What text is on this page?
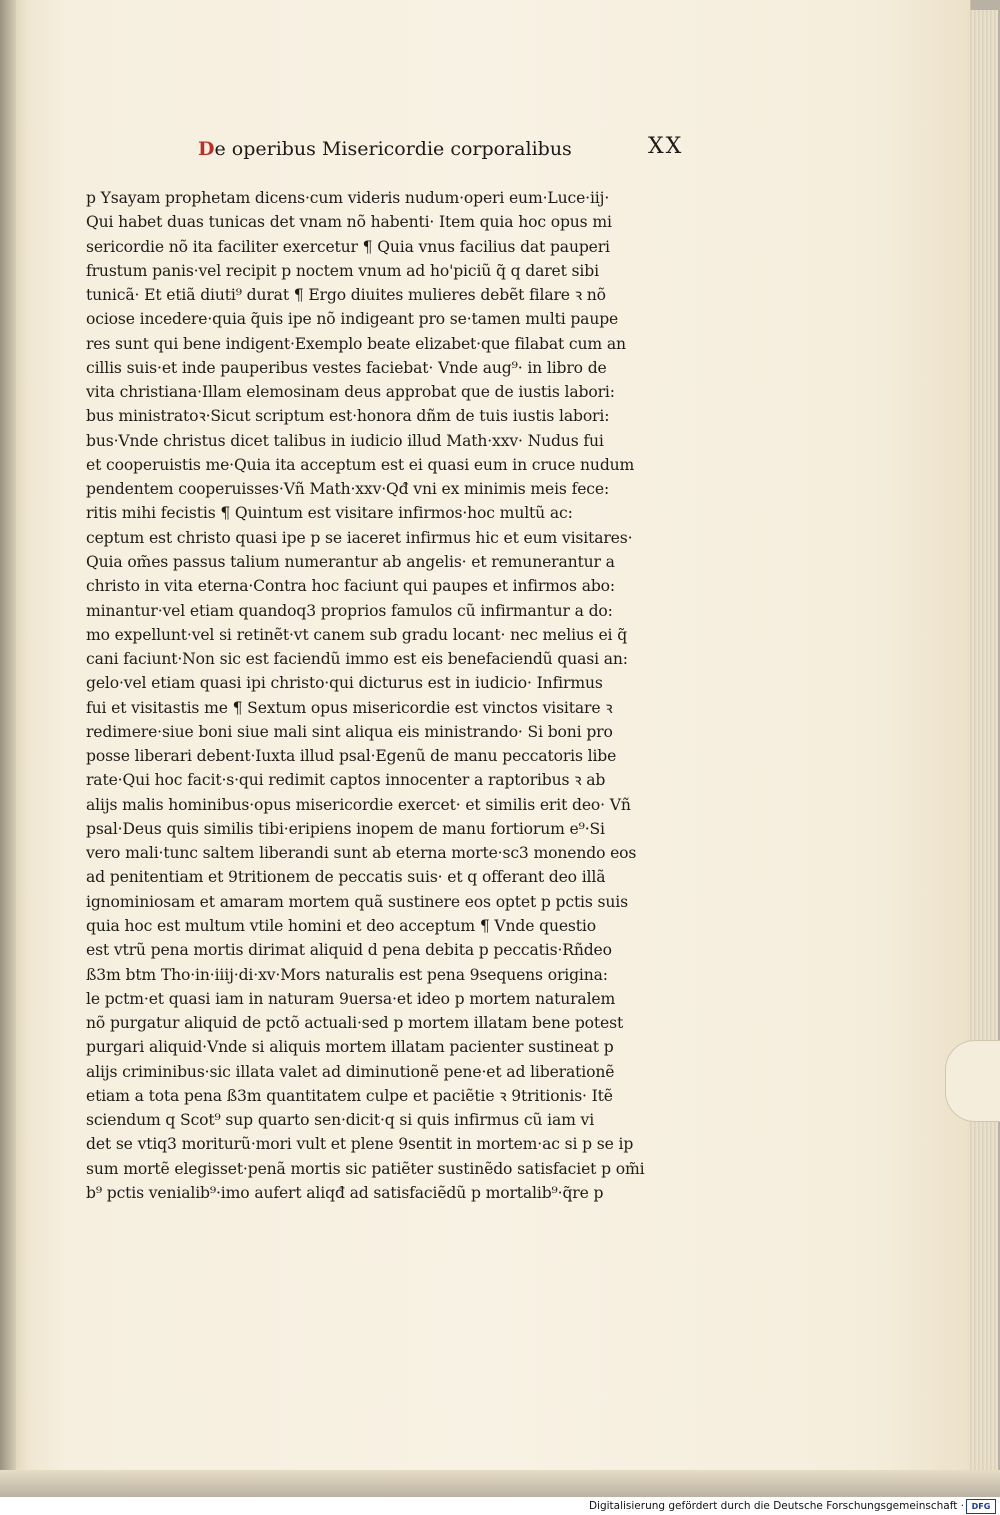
De operibus Misericordie corporalibus	XX
p Ysayam prophetam dicens·cum videris nudum·operi eum·Luce·iij·
Qui habet duas tunicas det vnam nõ habenti· Item quia hoc opus mi
sericordie nõ ita faciliter exercetur ¶ Quia vnus facilius dat pauperi
frustum panis·vel recipit p noctem vnum ad ho'piciũ q̃ q daret sibi
tunicã· Et etiã diuti⁹ durat ¶ Ergo diuites mulieres debẽt filare ꝛ nõ
ociose incedere·quia q̃uis ipe nõ indigeant pro se·tamen multi paupe
res sunt qui bene indigent·Exemplo beate elizabet·que filabat cum an
cillis suis·et inde pauperibus vestes faciebat· Vnde aug⁹· in libro de
vita christiana·Illam elemosinam deus approbat que de iustis labori:
bus ministratoꝛ·Sicut scriptum est·honora dñm de tuis iustis labori:
bus·Vnde christus dicet talibus in iudicio illud Math·xxv· Nudus fui
et cooperuistis me·Quia ita acceptum est ei quasi eum in cruce nudum
pendentem cooperuisses·Vñ Math·xxv·Qđ vni ex minimis meis fece:
ritis mihi fecistis ¶ Quintum est visitare infirmos·hoc multũ ac:
ceptum est christo quasi ipe p se iaceret infirmus hic et eum visitares·
Quia om̃es passus talium numerantur ab angelis· et remunerantur a
christo in vita eterna·Contra hoc faciunt qui paupes et infirmos abo:
minantur·vel etiam quandoq3 proprios famulos cũ infirmantur a do:
mo expellunt·vel si retinẽt·vt canem sub gradu locant· nec melius ei q̃
cani faciunt·Non sic est faciendũ immo est eis benefaciendũ quasi an:
gelo·vel etiam quasi ipi christo·qui dicturus est in iudicio· Infirmus
fui et visitastis me ¶ Sextum opus misericordie est vinctos visitare ꝛ
redimere·siue boni siue mali sint aliqua eis ministrando· Si boni pro
posse liberari debent·Iuxta illud psal·Egenũ de manu peccatoris libe
rate·Qui hoc facit·s·qui redimit captos innocenter a raptoribus ꝛ ab
alijs malis hominibus·opus misericordie exercet· et similis erit deo· Vñ
psal·Deus quis similis tibi·eripiens inopem de manu fortiorum e⁹·Si
vero mali·tunc saltem liberandi sunt ab eterna morte·sc3 monendo eos
ad penitentiam et 9tritionem de peccatis suis· et q offerant deo illã
ignominiosam et amaram mortem quã sustinere eos optet p pctis suis
quia hoc est multum vtile homini et deo acceptum ¶ Vnde questio
est vtrũ pena mortis dirimat aliquid d pena debita p peccatis·Rñdeo
ß3m btm Tho·in·iiij·di·xv·Mors naturalis est pena 9sequens origina:
le pctm·et quasi iam in naturam 9uersa·et ideo p mortem naturalem
nõ purgatur aliquid de pctõ actuali·sed p mortem illatam bene potest
purgari aliquid·Vnde si aliquis mortem illatam pacienter sustineat p
alijs criminibus·sic illata valet ad diminutionẽ pene·et ad liberationẽ
etiam a tota pena ß3m quantitatem culpe et paciẽtie ꝛ 9tritionis· Itẽ
sciendum q Scot⁹ sup quarto sen·dicit·q si quis infirmus cũ iam vi
det se vtiq3 moriturũ·mori vult et plene 9sentit in mortem·ac si p se ip
sum mortẽ elegisset·penã mortis sic patiẽter sustinẽdo satisfaciet p om̃i
b⁹ pctis venialib⁹·imo aufert aliqđ ad satisfaciẽdũ p mortalib⁹·q̃re p
Digitalisierung gefördert durch die Deutsche Forschungsgemeinschaft · DFG
